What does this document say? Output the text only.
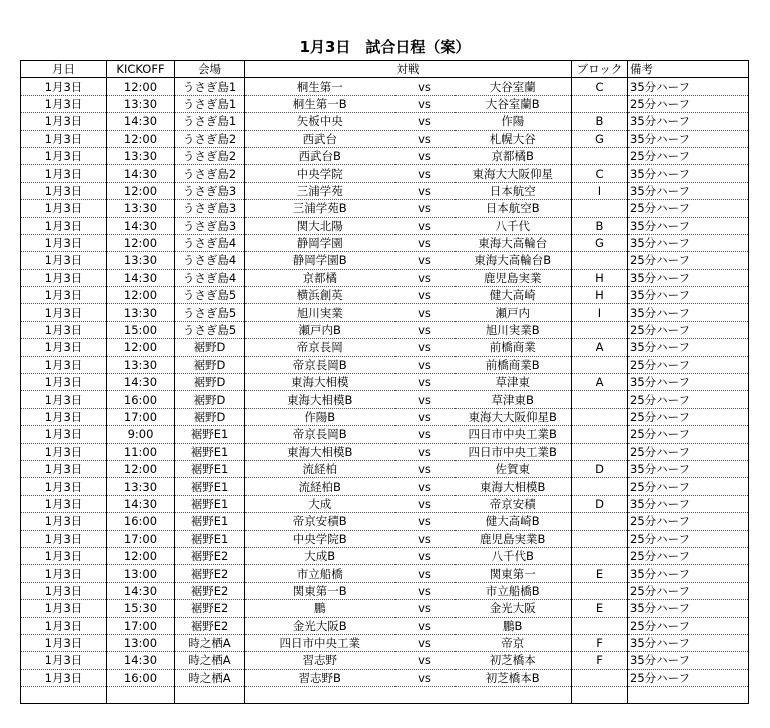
1月3日　試合日程（案）
月日	KICKOFF	会場	対戦			ブロック	備考
1月3日	12:00	うさぎ島1	桐生第一	vs	大谷室蘭	C	35分ハーフ
1月3日	13:30	うさぎ島1	桐生第一B	vs	大谷室蘭B		25分ハーフ
1月3日	14:30	うさぎ島1	矢板中央	vs	作陽	B	35分ハーフ
1月3日	12:00	うさぎ島2	西武台	vs	札幌大谷	G	35分ハーフ
1月3日	13:30	うさぎ島2	西武台B	vs	京都橘B		25分ハーフ
1月3日	14:30	うさぎ島2	中央学院	vs	東海大大阪仰星	C	35分ハーフ
1月3日	12:00	うさぎ島3	三浦学苑	vs	日本航空	I	35分ハーフ
1月3日	13:30	うさぎ島3	三浦学苑B	vs	日本航空B		25分ハーフ
1月3日	14:30	うさぎ島3	関大北陽	vs	八千代	B	35分ハーフ
1月3日	12:00	うさぎ島4	静岡学園	vs	東海大高輪台	G	35分ハーフ
1月3日	13:30	うさぎ島4	静岡学園B	vs	東海大高輪台B		25分ハーフ
1月3日	14:30	うさぎ島4	京都橘	vs	鹿児島実業	H	35分ハーフ
1月3日	12:00	うさぎ島5	横浜創英	vs	健大高崎	H	35分ハーフ
1月3日	13:30	うさぎ島5	旭川実業	vs	瀬戸内	I	35分ハーフ
1月3日	15:00	うさぎ島5	瀬戸内B	vs	旭川実業B		25分ハーフ
1月3日	12:00	裾野D	帝京長岡	vs	前橋商業	A	35分ハーフ
1月3日	13:30	裾野D	帝京長岡B	vs	前橋商業B		25分ハーフ
1月3日	14:30	裾野D	東海大相模	vs	草津東	A	35分ハーフ
1月3日	16:00	裾野D	東海大相模B	vs	草津東B		25分ハーフ
1月3日	17:00	裾野D	作陽B	vs	東海大大阪仰星B		25分ハーフ
1月3日	9:00	裾野E1	帝京長岡B	vs	四日市中央工業B		25分ハーフ
1月3日	11:00	裾野E1	東海大相模B	vs	四日市中央工業B		25分ハーフ
1月3日	12:00	裾野E1	流経柏	vs	佐賀東	D	35分ハーフ
1月3日	13:30	裾野E1	流経柏B	vs	東海大相模B		25分ハーフ
1月3日	14:30	裾野E1	大成	vs	帝京安積	D	35分ハーフ
1月3日	16:00	裾野E1	帝京安積B	vs	健大高崎B		25分ハーフ
1月3日	17:00	裾野E1	中央学院B	vs	鹿児島実業B		25分ハーフ
1月3日	12:00	裾野E2	大成B	vs	八千代B		25分ハーフ
1月3日	13:00	裾野E2	市立船橋	vs	関東第一	E	35分ハーフ
1月3日	14:30	裾野E2	関東第一B	vs	市立船橋B		25分ハーフ
1月3日	15:30	裾野E2	鵬	vs	金光大阪	E	35分ハーフ
1月3日	17:00	裾野E2	金光大阪B	vs	鵬B		25分ハーフ
1月3日	13:00	時之栖A	四日市中央工業	vs	帝京	F	35分ハーフ
1月3日	14:30	時之栖A	習志野	vs	初芝橋本	F	35分ハーフ
1月3日	16:00	時之栖A	習志野B	vs	初芝橋本B		25分ハーフ
